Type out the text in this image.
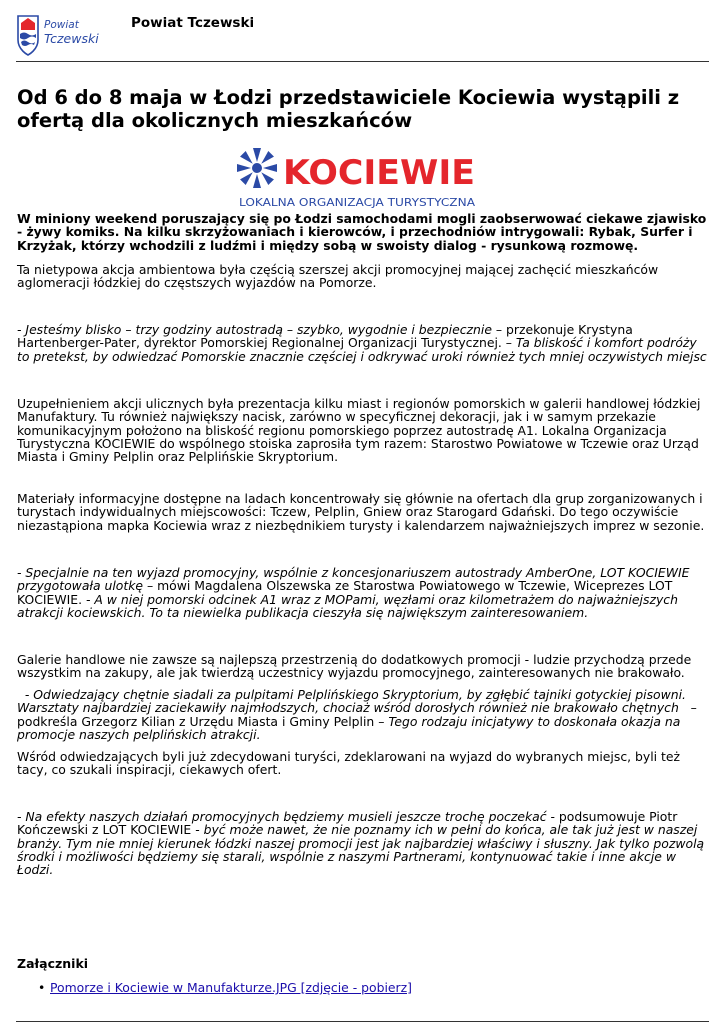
Powiat
Tczewski
Powiat Tczewski
Od 6 do 8 maja w Łodzi przedstawiciele Kociewia wystąpili z ofertą dla okolicznych mieszkańców
KOCIEWIE
LOKALNA ORGANIZACJA TURYSTYCZNA

W miniony weekend poruszający się po Łodzi samochodami mogli zaobserwować ciekawe zjawisko - żywy komiks. Na kilku skrzyżowaniach i kierowców, i przechodniów intrygowali: Rybak, Surfer i Krzyżak, którzy wchodzili z ludźmi i między sobą w swoisty dialog - rysunkową rozmowę.

Ta nietypowa akcja ambientowa była częścią szerszej akcji promocyjnej mającej zachęcić mieszkańców aglomeracji łódzkiej do częstszych wyjazdów na Pomorze.

- Jesteśmy blisko – trzy godziny autostradą – szybko, wygodnie i bezpiecznie – przekonuje Krystyna Hartenberger-Pater, dyrektor Pomorskiej Regionalnej Organizacji Turystycznej. – Ta bliskość i komfort podróży to pretekst, by odwiedzać Pomorskie znacznie częściej i odkrywać uroki również tych mniej oczywistych miejsc

Uzupełnieniem akcji ulicznych była prezentacja kilku miast i regionów pomorskich w galerii handlowej łódzkiej Manufaktury. Tu również największy nacisk, zarówno w specyficznej dekoracji, jak i w samym przekazie komunikacyjnym położono na bliskość regionu pomorskiego poprzez autostradę A1. Lokalna Organizacja Turystyczna KOCIEWIE do wspólnego stoiska zaprosiła tym razem: Starostwo Powiatowe w Tczewie oraz Urząd Miasta i Gminy Pelplin oraz Pelplińskie Skryptorium.

Materiały informacyjne dostępne na ladach koncentrowały się głównie na ofertach dla grup zorganizowanych i turystach indywidualnych miejscowości: Tczew, Pelplin, Gniew oraz Starogard Gdański. Do tego oczywiście niezastąpiona mapka Kociewia wraz z niezbędnikiem turysty i kalendarzem najważniejszych imprez w sezonie.

- Specjalnie na ten wyjazd promocyjny, wspólnie z koncesjonariuszem autostrady AmberOne, LOT KOCIEWIE przygotowała ulotkę – mówi Magdalena Olszewska ze Starostwa Powiatowego w Tczewie, Wiceprezes LOT KOCIEWIE. - A w niej pomorski odcinek A1 wraz z MOPami, węzłami oraz kilometrażem do najważniejszych atrakcji kociewskich. To ta niewielka publikacja cieszyła się największym zainteresowaniem.

Galerie handlowe nie zawsze są najlepszą przestrzenią do dodatkowych promocji - ludzie przychodzą przede wszystkim na zakupy, ale jak twierdzą uczestnicy wyjazdu promocyjnego, zainteresowanych nie brakowało.

- Odwiedzający chętnie siadali za pulpitami Pelplińskiego Skryptorium, by zgłębić tajniki gotyckiej pisowni. Warsztaty najbardziej zaciekawiły najmłodszych, chociaż wśród dorosłych również nie brakowało chętnych   – podkreśla Grzegorz Kilian z Urzędu Miasta i Gminy Pelplin – Tego rodzaju inicjatywy to doskonała okazja na promocje naszych pelplińskich atrakcji.

Wśród odwiedzających byli już zdecydowani turyści, zdeklarowani na wyjazd do wybranych miejsc, byli też tacy, co szukali inspiracji, ciekawych ofert.

- Na efekty naszych działań promocyjnych będziemy musieli jeszcze trochę poczekać - podsumowuje Piotr Kończewski z LOT KOCIEWIE - być może nawet, że nie poznamy ich w pełni do końca, ale tak już jest w naszej branży. Tym nie mniej kierunek łódzki naszej promocji jest jak najbardziej właściwy i słuszny. Jak tylko pozwolą środki i możliwości będziemy się starali, wspólnie z naszymi Partnerami, kontynuować takie i inne akcje w Łodzi.

Załączniki
• Pomorze i Kociewie w Manufakturze.JPG [zdjęcie - pobierz]
